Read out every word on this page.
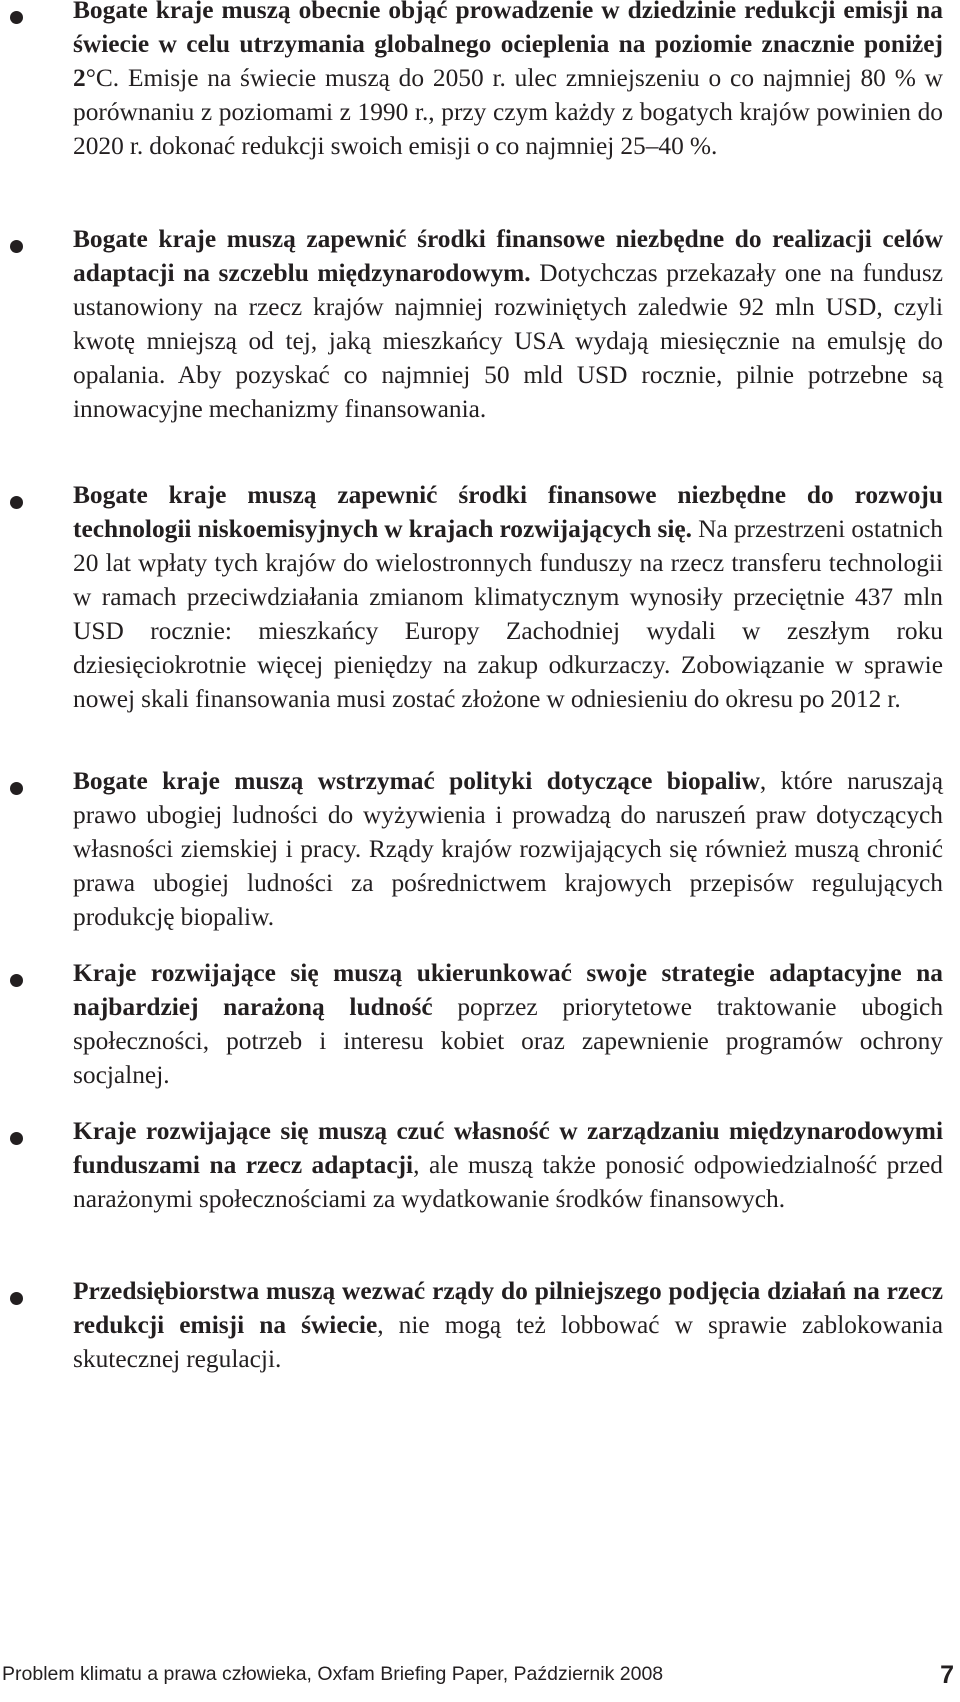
Bogate kraje muszą obecnie objąć prowadzenie w dziedzinie redukcji emisji na świecie w celu utrzymania globalnego ocieplenia na poziomie znacznie poniżej 2°C. Emisje na świecie muszą do 2050 r. ulec zmniejszeniu o co najmniej 80 % w porównaniu z poziomami z 1990 r., przy czym każdy z bogatych krajów powinien do 2020 r. dokonać redukcji swoich emisji o co najmniej 25–40 %.

Bogate kraje muszą zapewnić środki finansowe niezbędne do realizacji celów adaptacji na szczeblu międzynarodowym. Dotychczas przekazały one na fundusz ustanowiony na rzecz krajów najmniej rozwiniętych zaledwie 92 mln USD, czyli kwotę mniejszą od tej, jaką mieszkańcy USA wydają miesięcznie na emulsję do opalania. Aby pozyskać co najmniej 50 mld USD rocznie, pilnie potrzebne są innowacyjne mechanizmy finansowania.

Bogate kraje muszą zapewnić środki finansowe niezbędne do rozwoju technologii niskoemisyjnych w krajach rozwijających się. Na przestrzeni ostatnich 20 lat wpłaty tych krajów do wielostronnych funduszy na rzecz transferu technologii w ramach przeciwdziałania zmianom klimatycznym wynosiły przeciętnie 437 mln USD rocznie: mieszkańcy Europy Zachodniej wydali w zeszłym roku dziesięciokrotnie więcej pieniędzy na zakup odkurzaczy. Zobowiązanie w sprawie nowej skali finansowania musi zostać złożone w odniesieniu do okresu po 2012 r.

Bogate kraje muszą wstrzymać polityki dotyczące biopaliw, które naruszają prawo ubogiej ludności do wyżywienia i prowadzą do naruszeń praw dotyczących własności ziemskiej i pracy. Rządy krajów rozwijających się również muszą chronić prawa ubogiej ludności za pośrednictwem krajowych przepisów regulujących produkcję biopaliw.

Kraje rozwijające się muszą ukierunkować swoje strategie adaptacyjne na najbardziej narażoną ludność poprzez priorytetowe traktowanie ubogich społeczności, potrzeb i interesu kobiet oraz zapewnienie programów ochrony socjalnej.

Kraje rozwijające się muszą czuć własność w zarządzaniu międzynarodowymi funduszami na rzecz adaptacji, ale muszą także ponosić odpowiedzialność przed narażonymi społecznościami za wydatkowanie środków finansowych.

Przedsiębiorstwa muszą wezwać rządy do pilniejszego podjęcia działań na rzecz redukcji emisji na świecie, nie mogą też lobbować w sprawie zablokowania skutecznej regulacji.

Problem klimatu a prawa człowieka, Oxfam Briefing Paper, Październik 2008	7
